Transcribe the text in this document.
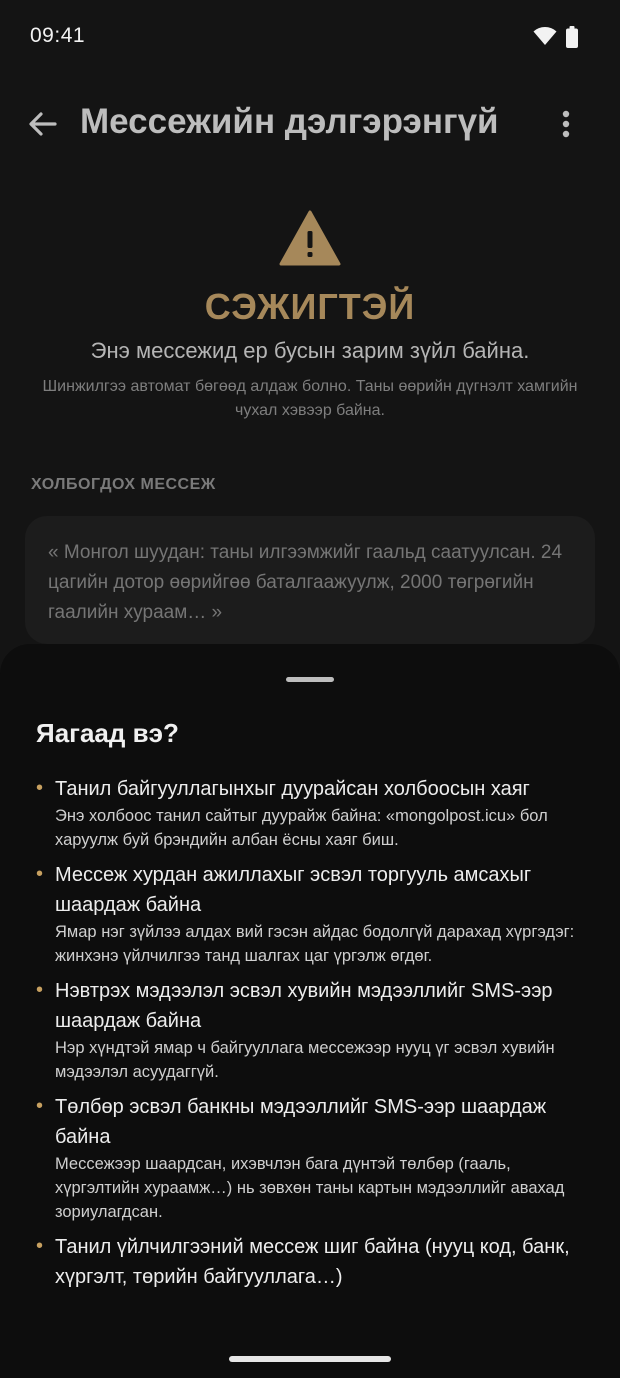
09:41
Мессежийн дэлгэрэнгүй
СЭЖИГТЭЙ
Энэ мессежид ер бусын зарим зүйл байна.
Шинжилгээ автомат бөгөөд алдаж болно. Таны өөрийн дүгнэлт хамгийн чухал хэвээр байна.
ХОЛБОГДОХ МЕССЕЖ
« Монгол шуудан: таны илгээмжийг гаальд саатуулсан. 24 цагийн дотор өөрийгөө баталгаажуулж, 2000 төгрөгийн гаалийн хураам… »
Яагаад вэ?
• Танил байгууллагынхыг дуурайсан холбоосын хаяг
Энэ холбоос танил сайтыг дуурайж байна: «mongolpost.icu» бол харуулж буй брэндийн албан ёсны хаяг биш.
• Мессеж хурдан ажиллахыг эсвэл торгууль амсахыг шаардаж байна
Ямар нэг зүйлээ алдах вий гэсэн айдас бодолгүй дарахад хүргэдэг: жинхэнэ үйлчилгээ танд шалгах цаг үргэлж өгдөг.
• Нэвтрэх мэдээлэл эсвэл хувийн мэдээллийг SMS-ээр шаардаж байна
Нэр хүндтэй ямар ч байгууллага мессежээр нууц үг эсвэл хувийн мэдээлэл асуудаггүй.
• Төлбөр эсвэл банкны мэдээллийг SMS-ээр шаардаж байна
Мессежээр шаардсан, ихэвчлэн бага дүнтэй төлбөр (гааль, хүргэлтийн хураамж…) нь зөвхөн таны картын мэдээллийг авахад зориулагдсан.
• Танил үйлчилгээний мессеж шиг байна (нууц код, банк, хүргэлт, төрийн байгууллага…)
